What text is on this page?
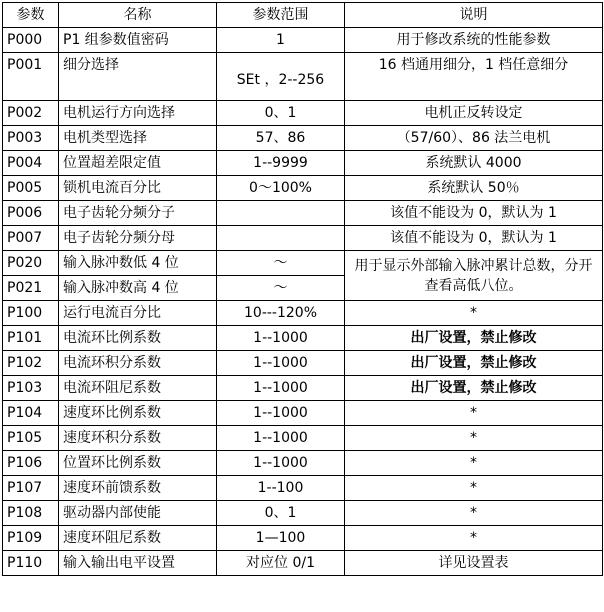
参数	名称	参数范围	说明
P000	P1 组参数值密码	1	用于修改系统的性能参数
P001	细分选择	SEt ，2--256	16 档通用细分，1 档任意细分
P002	电机运行方向选择	0、1	电机正反转设定
P003	电机类型选择	57、86	（57/60）、86 法兰电机
P004	位置超差限定值	1--9999	系统默认 4000
P005	锁机电流百分比	0～100%	系统默认 50％
P006	电子齿轮分频分子		该值不能设为 0，默认为 1
P007	电子齿轮分频分母		该值不能设为 0，默认为 1
P020	输入脉冲数低 4 位	～	用于显示外部输入脉冲累计总数，分开查看高低八位。
P021	输入脉冲数高 4 位	～	
P100	运行电流百分比	10---120%	*
P101	电流环比例系数	1--1000	出厂设置，禁止修改
P102	电流环积分系数	1--1000	出厂设置，禁止修改
P103	电流环阻尼系数	1--1000	出厂设置，禁止修改
P104	速度环比例系数	1--1000	*
P105	速度环积分系数	1--1000	*
P106	位置环比例系数	1--1000	*
P107	速度环前馈系数	1--100	*
P108	驱动器内部使能	0、1	*
P109	速度环阻尼系数	1—100	*
P110	输入输出电平设置	对应位 0/1	详见设置表
